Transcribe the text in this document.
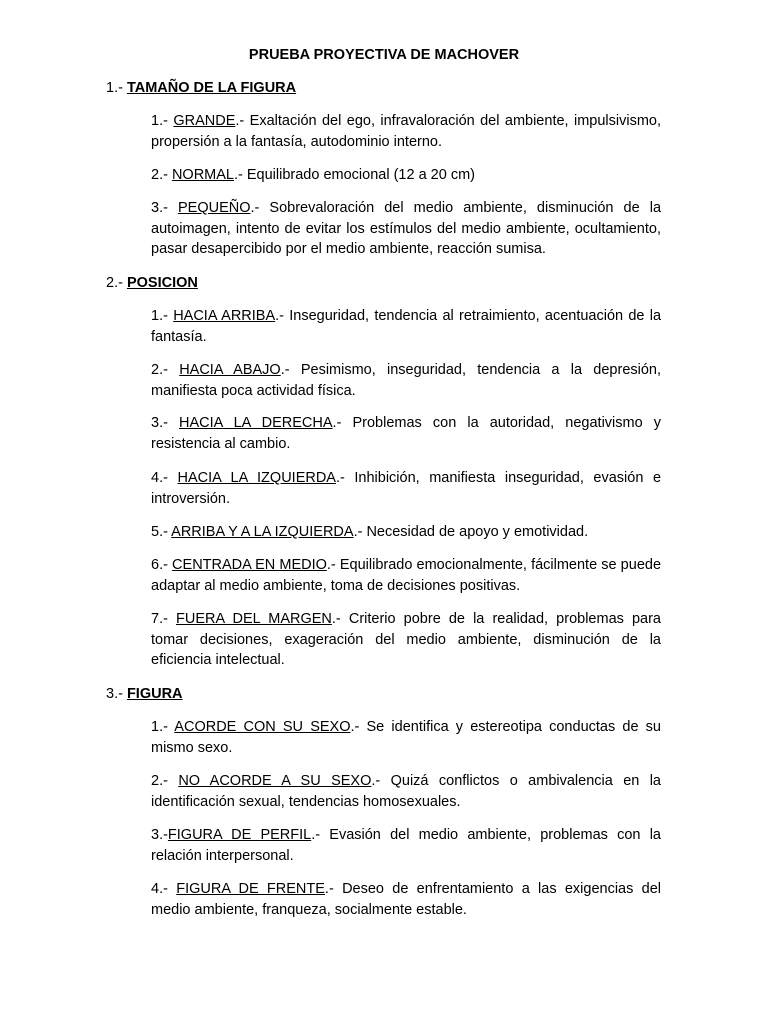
PRUEBA PROYECTIVA DE MACHOVER
1.- TAMAÑO DE LA FIGURA
1.- GRANDE.- Exaltación del ego, infravaloración del ambiente, impulsivismo, propersión a la fantasía, autodominio interno.
2.- NORMAL.- Equilibrado emocional (12 a 20 cm)
3.- PEQUEÑO.- Sobrevaloración del medio ambiente, disminución de la autoimagen, intento de evitar los estímulos del medio ambiente, ocultamiento, pasar desapercibido por el medio ambiente, reacción sumisa.
2.- POSICION
1.- HACIA ARRIBA.- Inseguridad, tendencia al retraimiento, acentuación de la fantasía.
2.- HACIA ABAJO.- Pesimismo, inseguridad, tendencia a la depresión, manifiesta poca actividad física.
3.- HACIA LA DERECHA.- Problemas con la autoridad, negativismo y resistencia al cambio.
4.- HACIA LA IZQUIERDA.- Inhibición, manifiesta inseguridad, evasión e introversión.
5.- ARRIBA Y A LA IZQUIERDA.- Necesidad de apoyo y emotividad.
6.- CENTRADA EN MEDIO.- Equilibrado emocionalmente, fácilmente se puede adaptar al medio ambiente, toma de decisiones positivas.
7.- FUERA DEL MARGEN.- Criterio pobre de la realidad, problemas para tomar decisiones, exageración del medio ambiente, disminución de la eficiencia intelectual.
3.- FIGURA
1.- ACORDE CON SU SEXO.- Se identifica y estereotipa conductas de su mismo sexo.
2.- NO ACORDE A SU SEXO.- Quizá conflictos o ambivalencia en la identificación sexual, tendencias homosexuales.
3.-FIGURA DE PERFIL.- Evasión del medio ambiente, problemas con la relación interpersonal.
4.- FIGURA DE FRENTE.- Deseo de enfrentamiento a las exigencias del medio ambiente, franqueza, socialmente estable.
